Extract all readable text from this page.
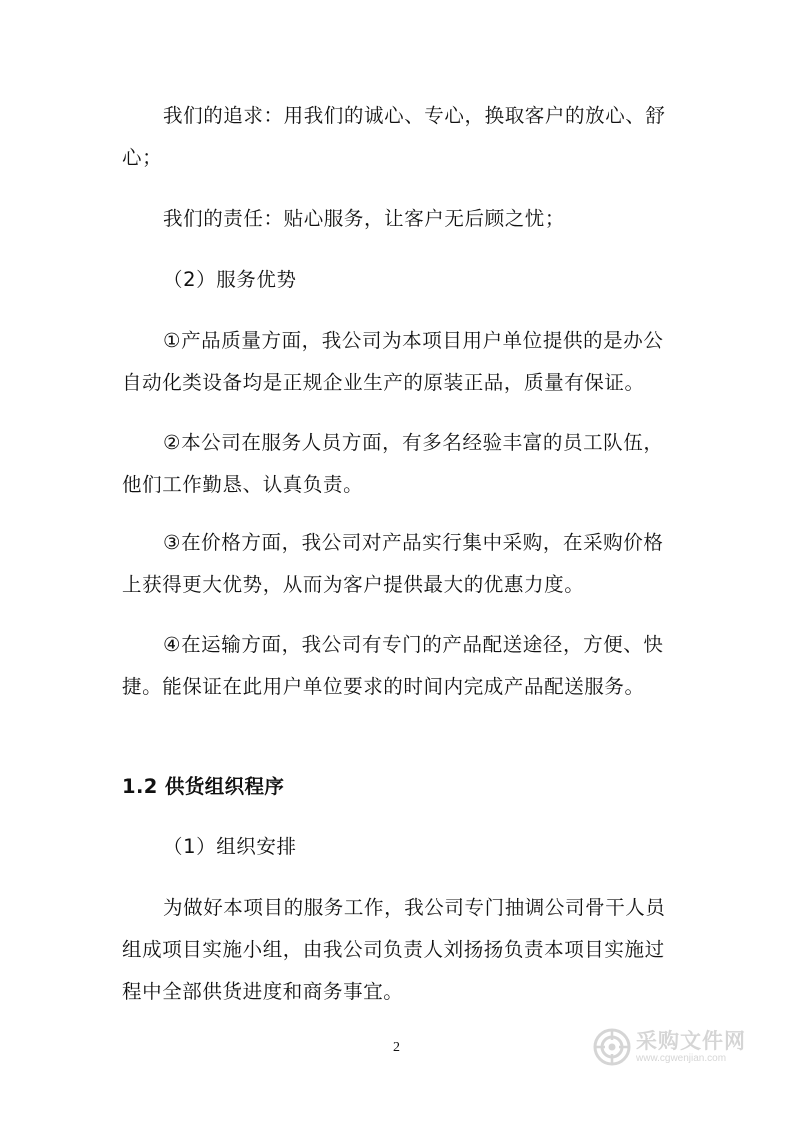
我们的追求：用我们的诚心、专心，换取客户的放心、舒心；

我们的责任：贴心服务，让客户无后顾之忧；

（2）服务优势

①产品质量方面，我公司为本项目用户单位提供的是办公自动化类设备均是正规企业生产的原装正品，质量有保证。

②本公司在服务人员方面，有多名经验丰富的员工队伍，他们工作勤恳、认真负责。

③在价格方面，我公司对产品实行集中采购，在采购价格上获得更大优势，从而为客户提供最大的优惠力度。

④在运输方面，我公司有专门的产品配送途径，方便、快捷。能保证在此用户单位要求的时间内完成产品配送服务。

1.2 供货组织程序

（1）组织安排

为做好本项目的服务工作，我公司专门抽调公司骨干人员组成项目实施小组，由我公司负责人刘扬扬负责本项目实施过程中全部供货进度和商务事宜。

2	采购文件网
www.cgwenjian.com
